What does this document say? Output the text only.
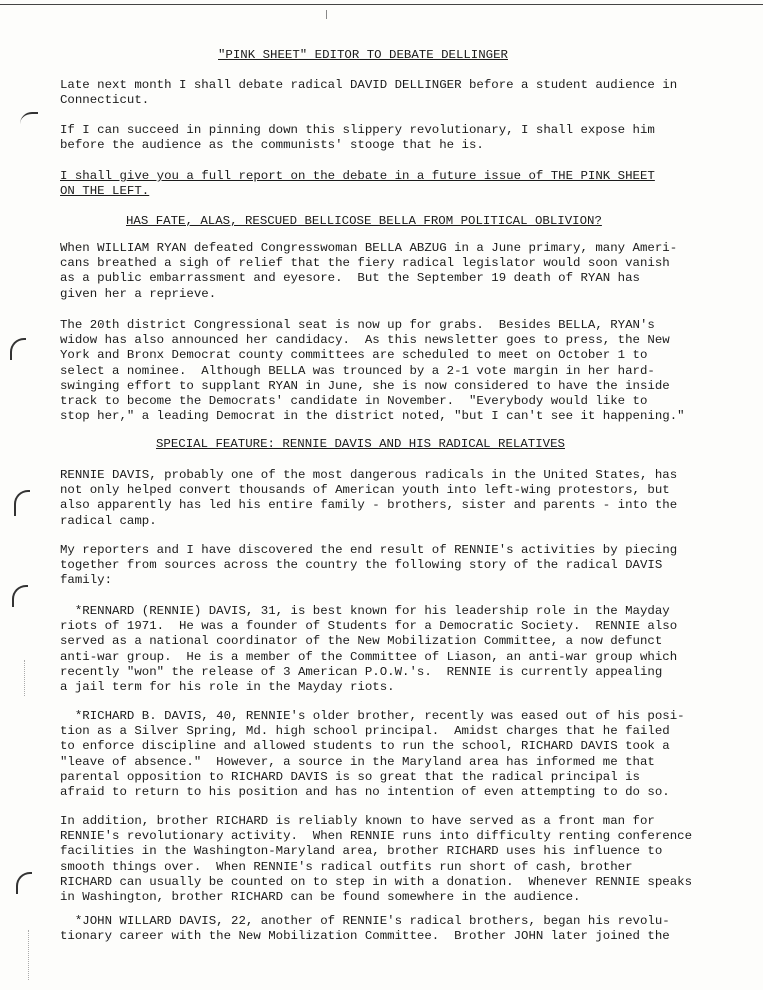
"PINK SHEET" EDITOR TO DEBATE DELLINGER
Late next month I shall debate radical DAVID DELLINGER before a student audience in
Connecticut.
If I can succeed in pinning down this slippery revolutionary, I shall expose him
before the audience as the communists' stooge that he is.
I shall give you a full report on the debate in a future issue of THE PINK SHEET
ON THE LEFT.
HAS FATE, ALAS, RESCUED BELLICOSE BELLA FROM POLITICAL OBLIVION?
When WILLIAM RYAN defeated Congresswoman BELLA ABZUG in a June primary, many Ameri-
cans breathed a sigh of relief that the fiery radical legislator would soon vanish
as a public embarrassment and eyesore.  But the September 19 death of RYAN has
given her a reprieve.
The 20th district Congressional seat is now up for grabs.  Besides BELLA, RYAN's
widow has also announced her candidacy.  As this newsletter goes to press, the New
York and Bronx Democrat county committees are scheduled to meet on October 1 to
select a nominee.  Although BELLA was trounced by a 2-1 vote margin in her hard-
swinging effort to supplant RYAN in June, she is now considered to have the inside
track to become the Democrats' candidate in November.  "Everybody would like to
stop her," a leading Democrat in the district noted, "but I can't see it happening."
SPECIAL FEATURE: RENNIE DAVIS AND HIS RADICAL RELATIVES
RENNIE DAVIS, probably one of the most dangerous radicals in the United States, has
not only helped convert thousands of American youth into left-wing protestors, but
also apparently has led his entire family - brothers, sister and parents - into the
radical camp.
My reporters and I have discovered the end result of RENNIE's activities by piecing
together from sources across the country the following story of the radical DAVIS
family:
*RENNARD (RENNIE) DAVIS, 31, is best known for his leadership role in the Mayday
riots of 1971.  He was a founder of Students for a Democratic Society.  RENNIE also
served as a national coordinator of the New Mobilization Committee, a now defunct
anti-war group.  He is a member of the Committee of Liason, an anti-war group which
recently "won" the release of 3 American P.O.W.'s.  RENNIE is currently appealing
a jail term for his role in the Mayday riots.
*RICHARD B. DAVIS, 40, RENNIE's older brother, recently was eased out of his posi-
tion as a Silver Spring, Md. high school principal.  Amidst charges that he failed
to enforce discipline and allowed students to run the school, RICHARD DAVIS took a
"leave of absence."  However, a source in the Maryland area has informed me that
parental opposition to RICHARD DAVIS is so great that the radical principal is
afraid to return to his position and has no intention of even attempting to do so.
In addition, brother RICHARD is reliably known to have served as a front man for
RENNIE's revolutionary activity.  When RENNIE runs into difficulty renting conference
facilities in the Washington-Maryland area, brother RICHARD uses his influence to
smooth things over.  When RENNIE's radical outfits run short of cash, brother
RICHARD can usually be counted on to step in with a donation.  Whenever RENNIE speaks
in Washington, brother RICHARD can be found somewhere in the audience.
*JOHN WILLARD DAVIS, 22, another of RENNIE's radical brothers, began his revolu-
tionary career with the New Mobilization Committee.  Brother JOHN later joined the
